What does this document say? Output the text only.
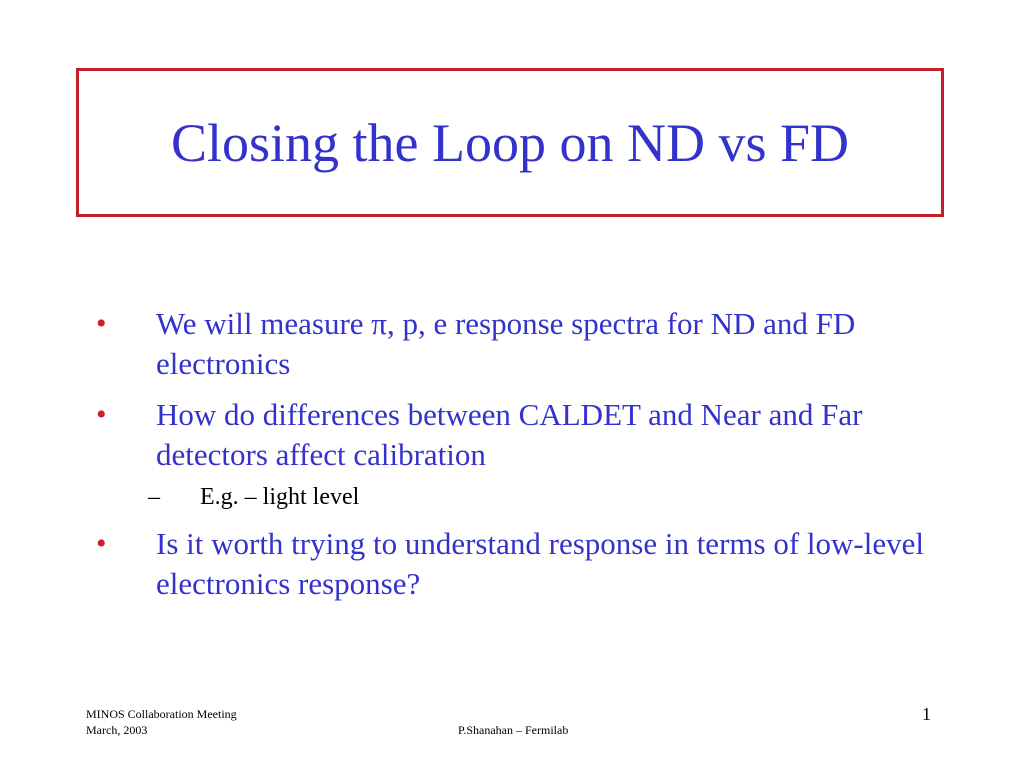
Closing the Loop on ND vs FD
• We will measure π, p, e response spectra for ND and FD electronics
• How do differences between CALDET and Near and Far detectors affect calibration
– E.g. – light level
• Is it worth trying to understand response in terms of low-level electronics response?
MINOS Collaboration Meeting
March, 2003	P.Shanahan – Fermilab
1
